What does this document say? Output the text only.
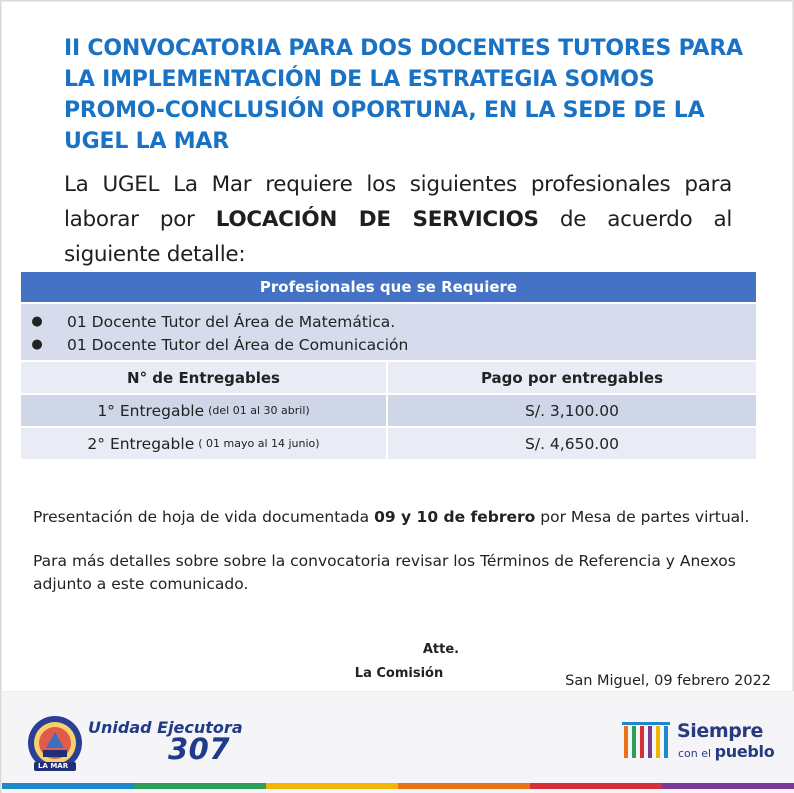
II CONVOCATORIA PARA DOS DOCENTES TUTORES PARA LA IMPLEMENTACIÓN DE LA ESTRATEGIA SOMOS PROMO-CONCLUSIÓN OPORTUNA, EN LA SEDE DE LA UGEL LA MAR

La UGEL La Mar requiere los siguientes profesionales para laborar por LOCACIÓN DE SERVICIOS de acuerdo al siguiente detalle:

Profesionales que se Requiere
●	01 Docente Tutor del Área de Matemática.
●	01 Docente Tutor del Área de Comunicación
N° de Entregables	Pago por entregables
1° Entregable (del 01 al 30 abril)	S/. 3,100.00
2° Entregable ( 01 mayo al 14 junio)	S/. 4,650.00

Presentación de hoja de vida documentada 09 y 10 de febrero por Mesa de partes virtual.

Para más detalles sobre sobre la convocatoria revisar los Términos de Referencia y Anexos adjunto a este comunicado.

Atte.
La Comisión	San Miguel, 09 febrero 2022
LA MAR
Unidad Ejecutora
307
Siempre
con el pueblo
